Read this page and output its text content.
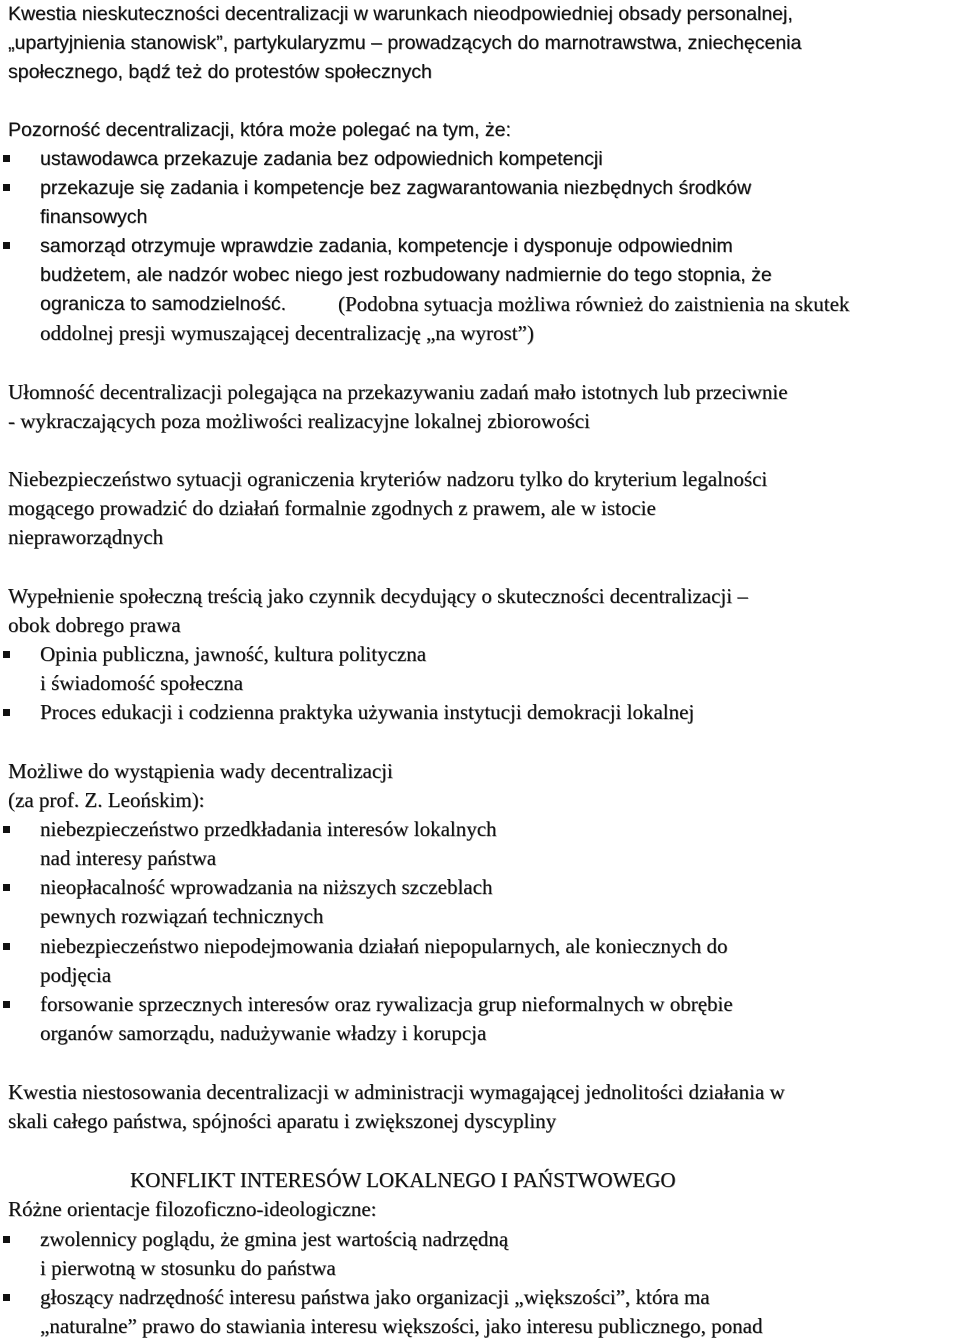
Kwestia nieskuteczności decentralizacji w warunkach nieodpowiedniej obsady personalnej,
„upartyjnienia stanowisk”, partykularyzmu – prowadzących do marnotrawstwa, zniechęcenia
społecznego, bądź też do protestów społecznych
Pozorność decentralizacji, która może polegać na tym, że:
ustawodawca przekazuje zadania bez odpowiednich kompetencji
przekazuje się zadania i kompetencje bez zagwarantowania niezbędnych środków
finansowych
samorząd otrzymuje wprawdzie zadania, kompetencje i dysponuje odpowiednim
budżetem, ale nadzór wobec niego jest rozbudowany nadmiernie do tego stopnia, że
ogranicza to samodzielność. (Podobna sytuacja możliwa również do zaistnienia na skutek
oddolnej presji wymuszającej decentralizację „na wyrost”)
Ułomność decentralizacji polegająca na przekazywaniu zadań mało istotnych lub przeciwnie
- wykraczających poza możliwości realizacyjne lokalnej zbiorowości
Niebezpieczeństwo sytuacji ograniczenia kryteriów nadzoru tylko do kryterium legalności
mogącego prowadzić do działań formalnie zgodnych z prawem, ale w istocie
niepraworządnych
Wypełnienie społeczną treścią jako czynnik decydujący o skuteczności decentralizacji –
obok dobrego prawa
Opinia publiczna, jawność, kultura polityczna
i świadomość społeczna
Proces edukacji i codzienna praktyka używania instytucji demokracji lokalnej
Możliwe do wystąpienia wady decentralizacji
(za prof. Z. Leońskim):
niebezpieczeństwo przedkładania interesów lokalnych
nad interesy państwa
nieopłacalność wprowadzania na niższych szczeblach
pewnych rozwiązań technicznych
niebezpieczeństwo niepodejmowania działań niepopularnych, ale koniecznych do
podjęcia
forsowanie sprzecznych interesów oraz rywalizacja grup nieformalnych w obrębie
organów samorządu, nadużywanie władzy i korupcja
Kwestia niestosowania decentralizacji w administracji wymagającej jednolitości działania w
skali całego państwa, spójności aparatu i zwiększonej dyscypliny
KONFLIKT INTERESÓW LOKALNEGO I PAŃSTWOWEGO
Różne orientacje filozoficzno-ideologiczne:
zwolennicy poglądu, że gmina jest wartością nadrzędną
i pierwotną w stosunku do państwa
głoszący nadrzędność interesu państwa jako organizacji „większości”, która ma
„naturalne” prawo do stawiania interesu większości, jako interesu publicznego, ponad
